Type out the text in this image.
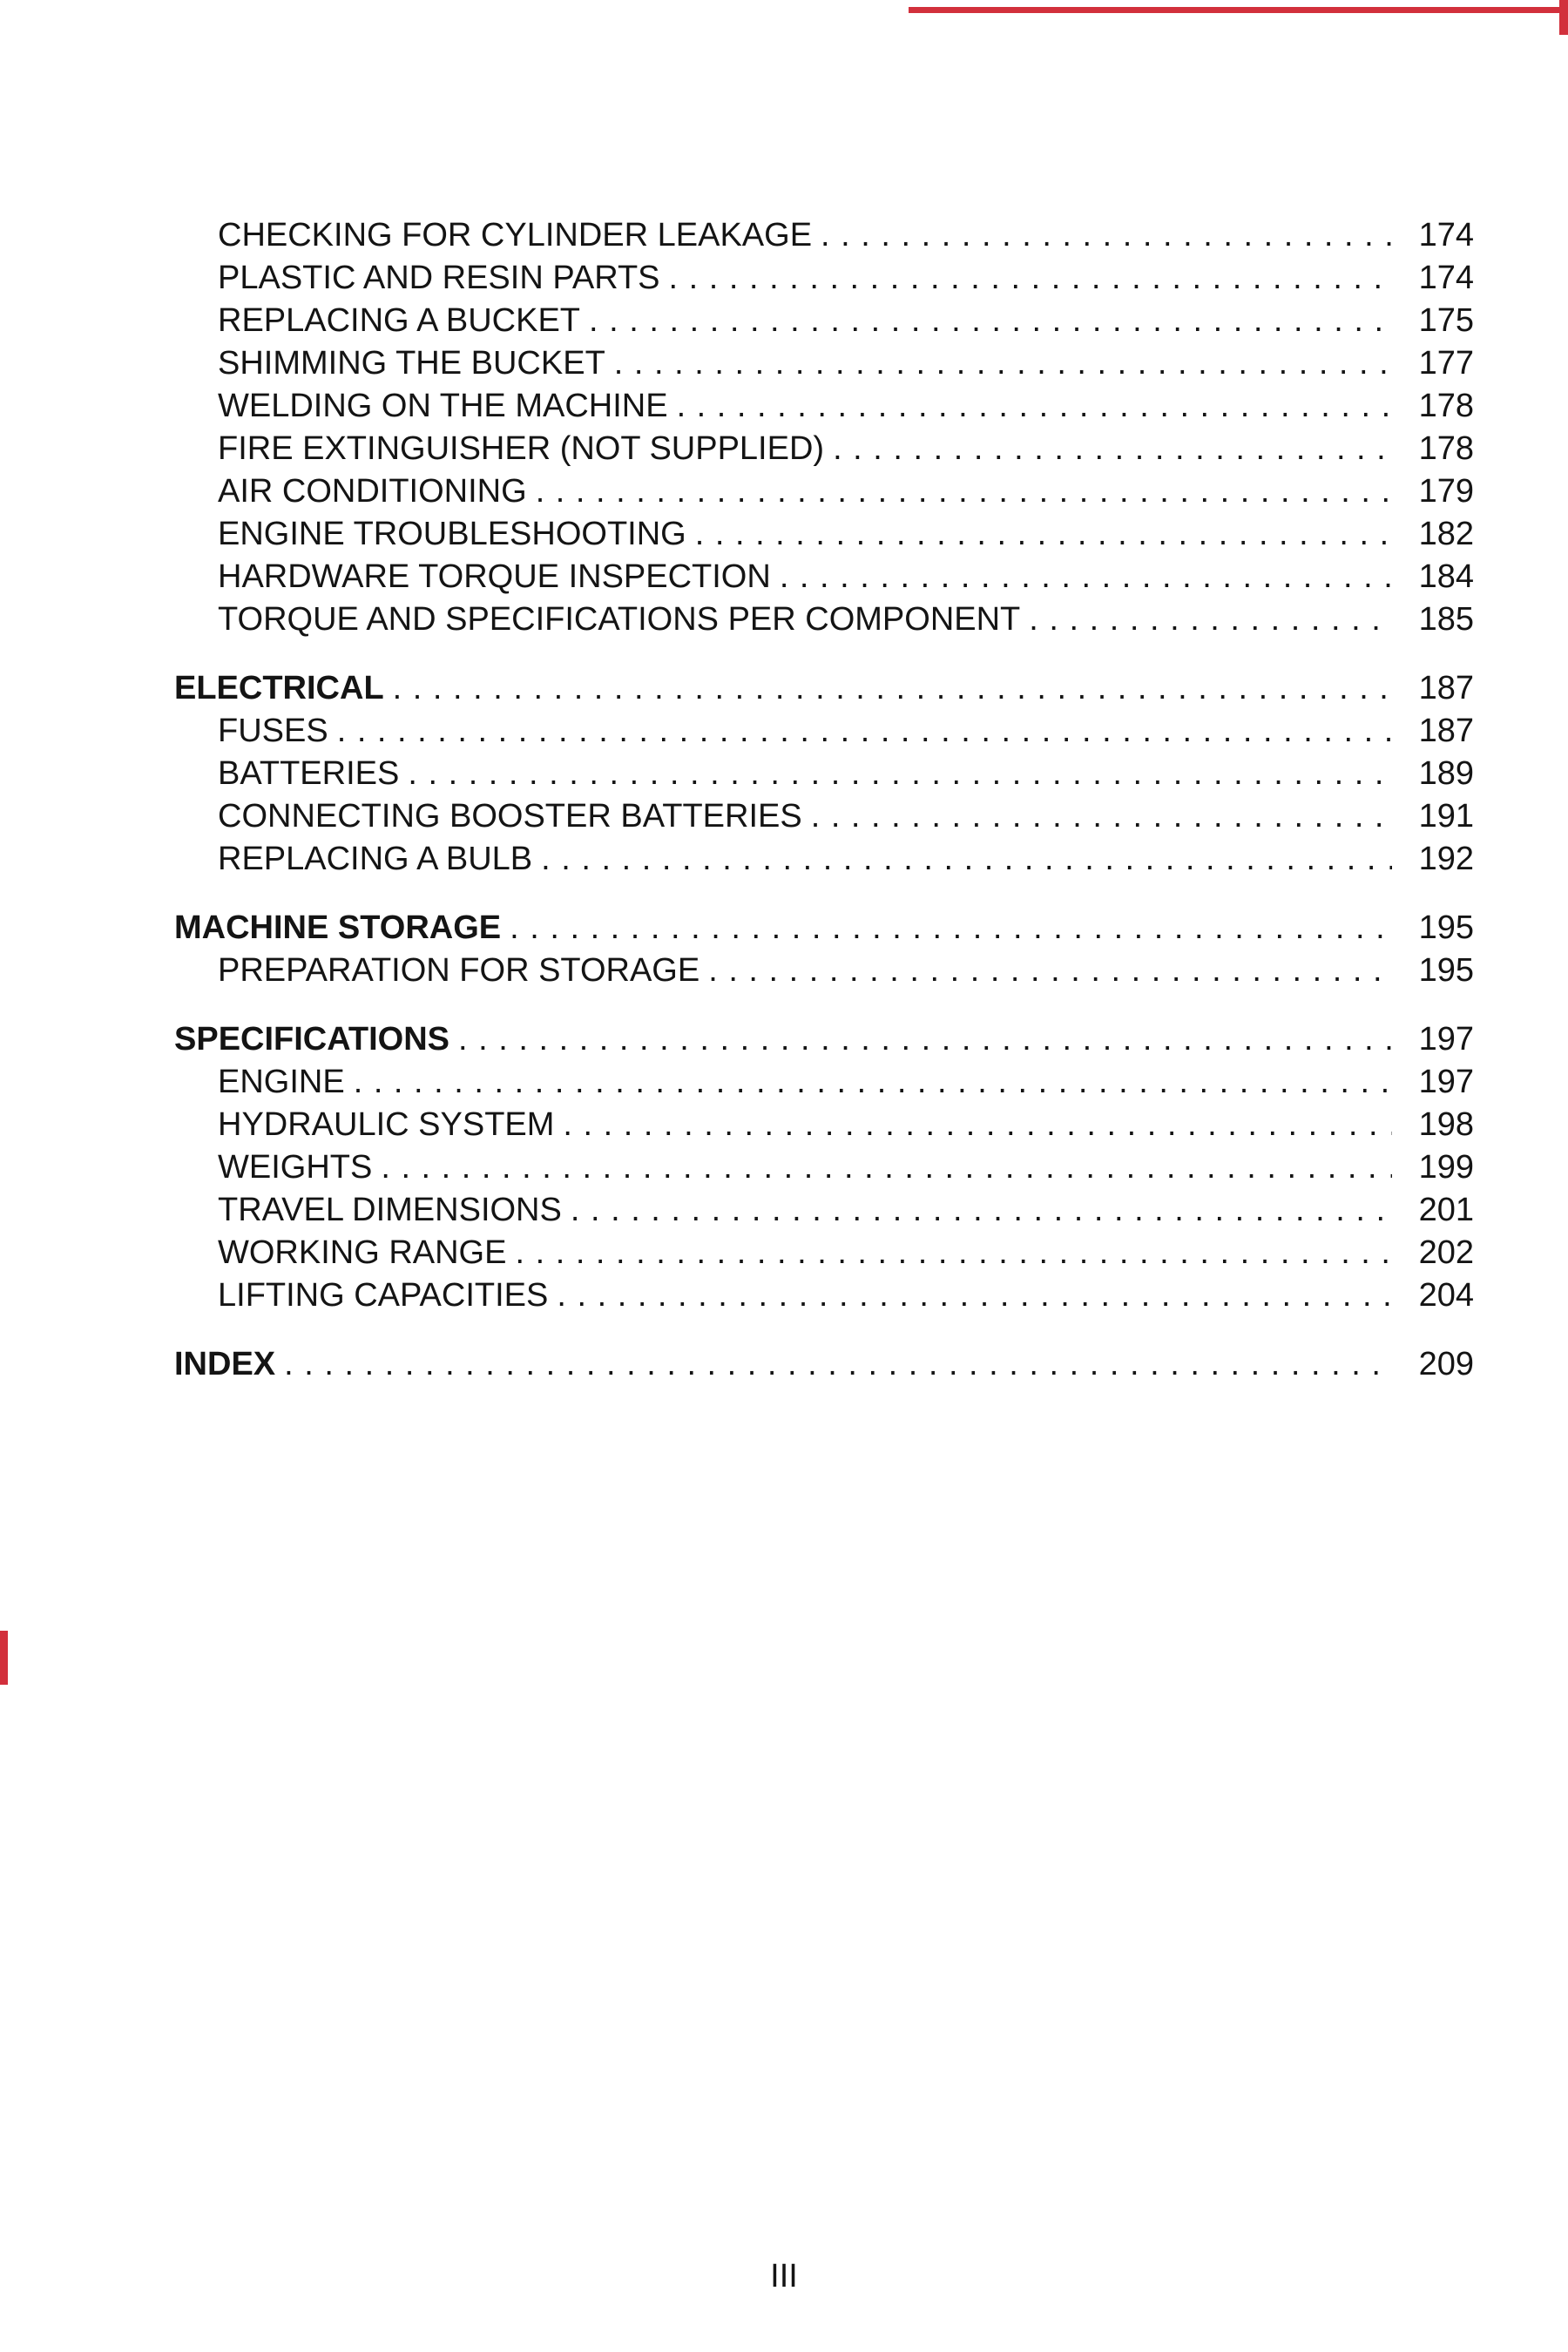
CHECKING FOR CYLINDER LEAKAGE . . .	174
PLASTIC AND RESIN PARTS . . .	174
REPLACING A BUCKET . . .	175
SHIMMING THE BUCKET . . .	177
WELDING ON THE MACHINE . . .	178
FIRE EXTINGUISHER (NOT SUPPLIED) . . .	178
AIR CONDITIONING . . .	179
ENGINE TROUBLESHOOTING . . .	182
HARDWARE TORQUE INSPECTION . . .	184
TORQUE AND SPECIFICATIONS PER COMPONENT . . .	185
ELECTRICAL . . .	187
FUSES . . .	187
BATTERIES . . .	189
CONNECTING BOOSTER BATTERIES . . .	191
REPLACING A BULB . . .	192
MACHINE STORAGE . . .	195
PREPARATION FOR STORAGE . . .	195
SPECIFICATIONS . . .	197
ENGINE . . .	197
HYDRAULIC SYSTEM . . .	198
WEIGHTS . . .	199
TRAVEL DIMENSIONS . . .	201
WORKING RANGE . . .	202
LIFTING CAPACITIES . . .	204
INDEX . . .	209
III
